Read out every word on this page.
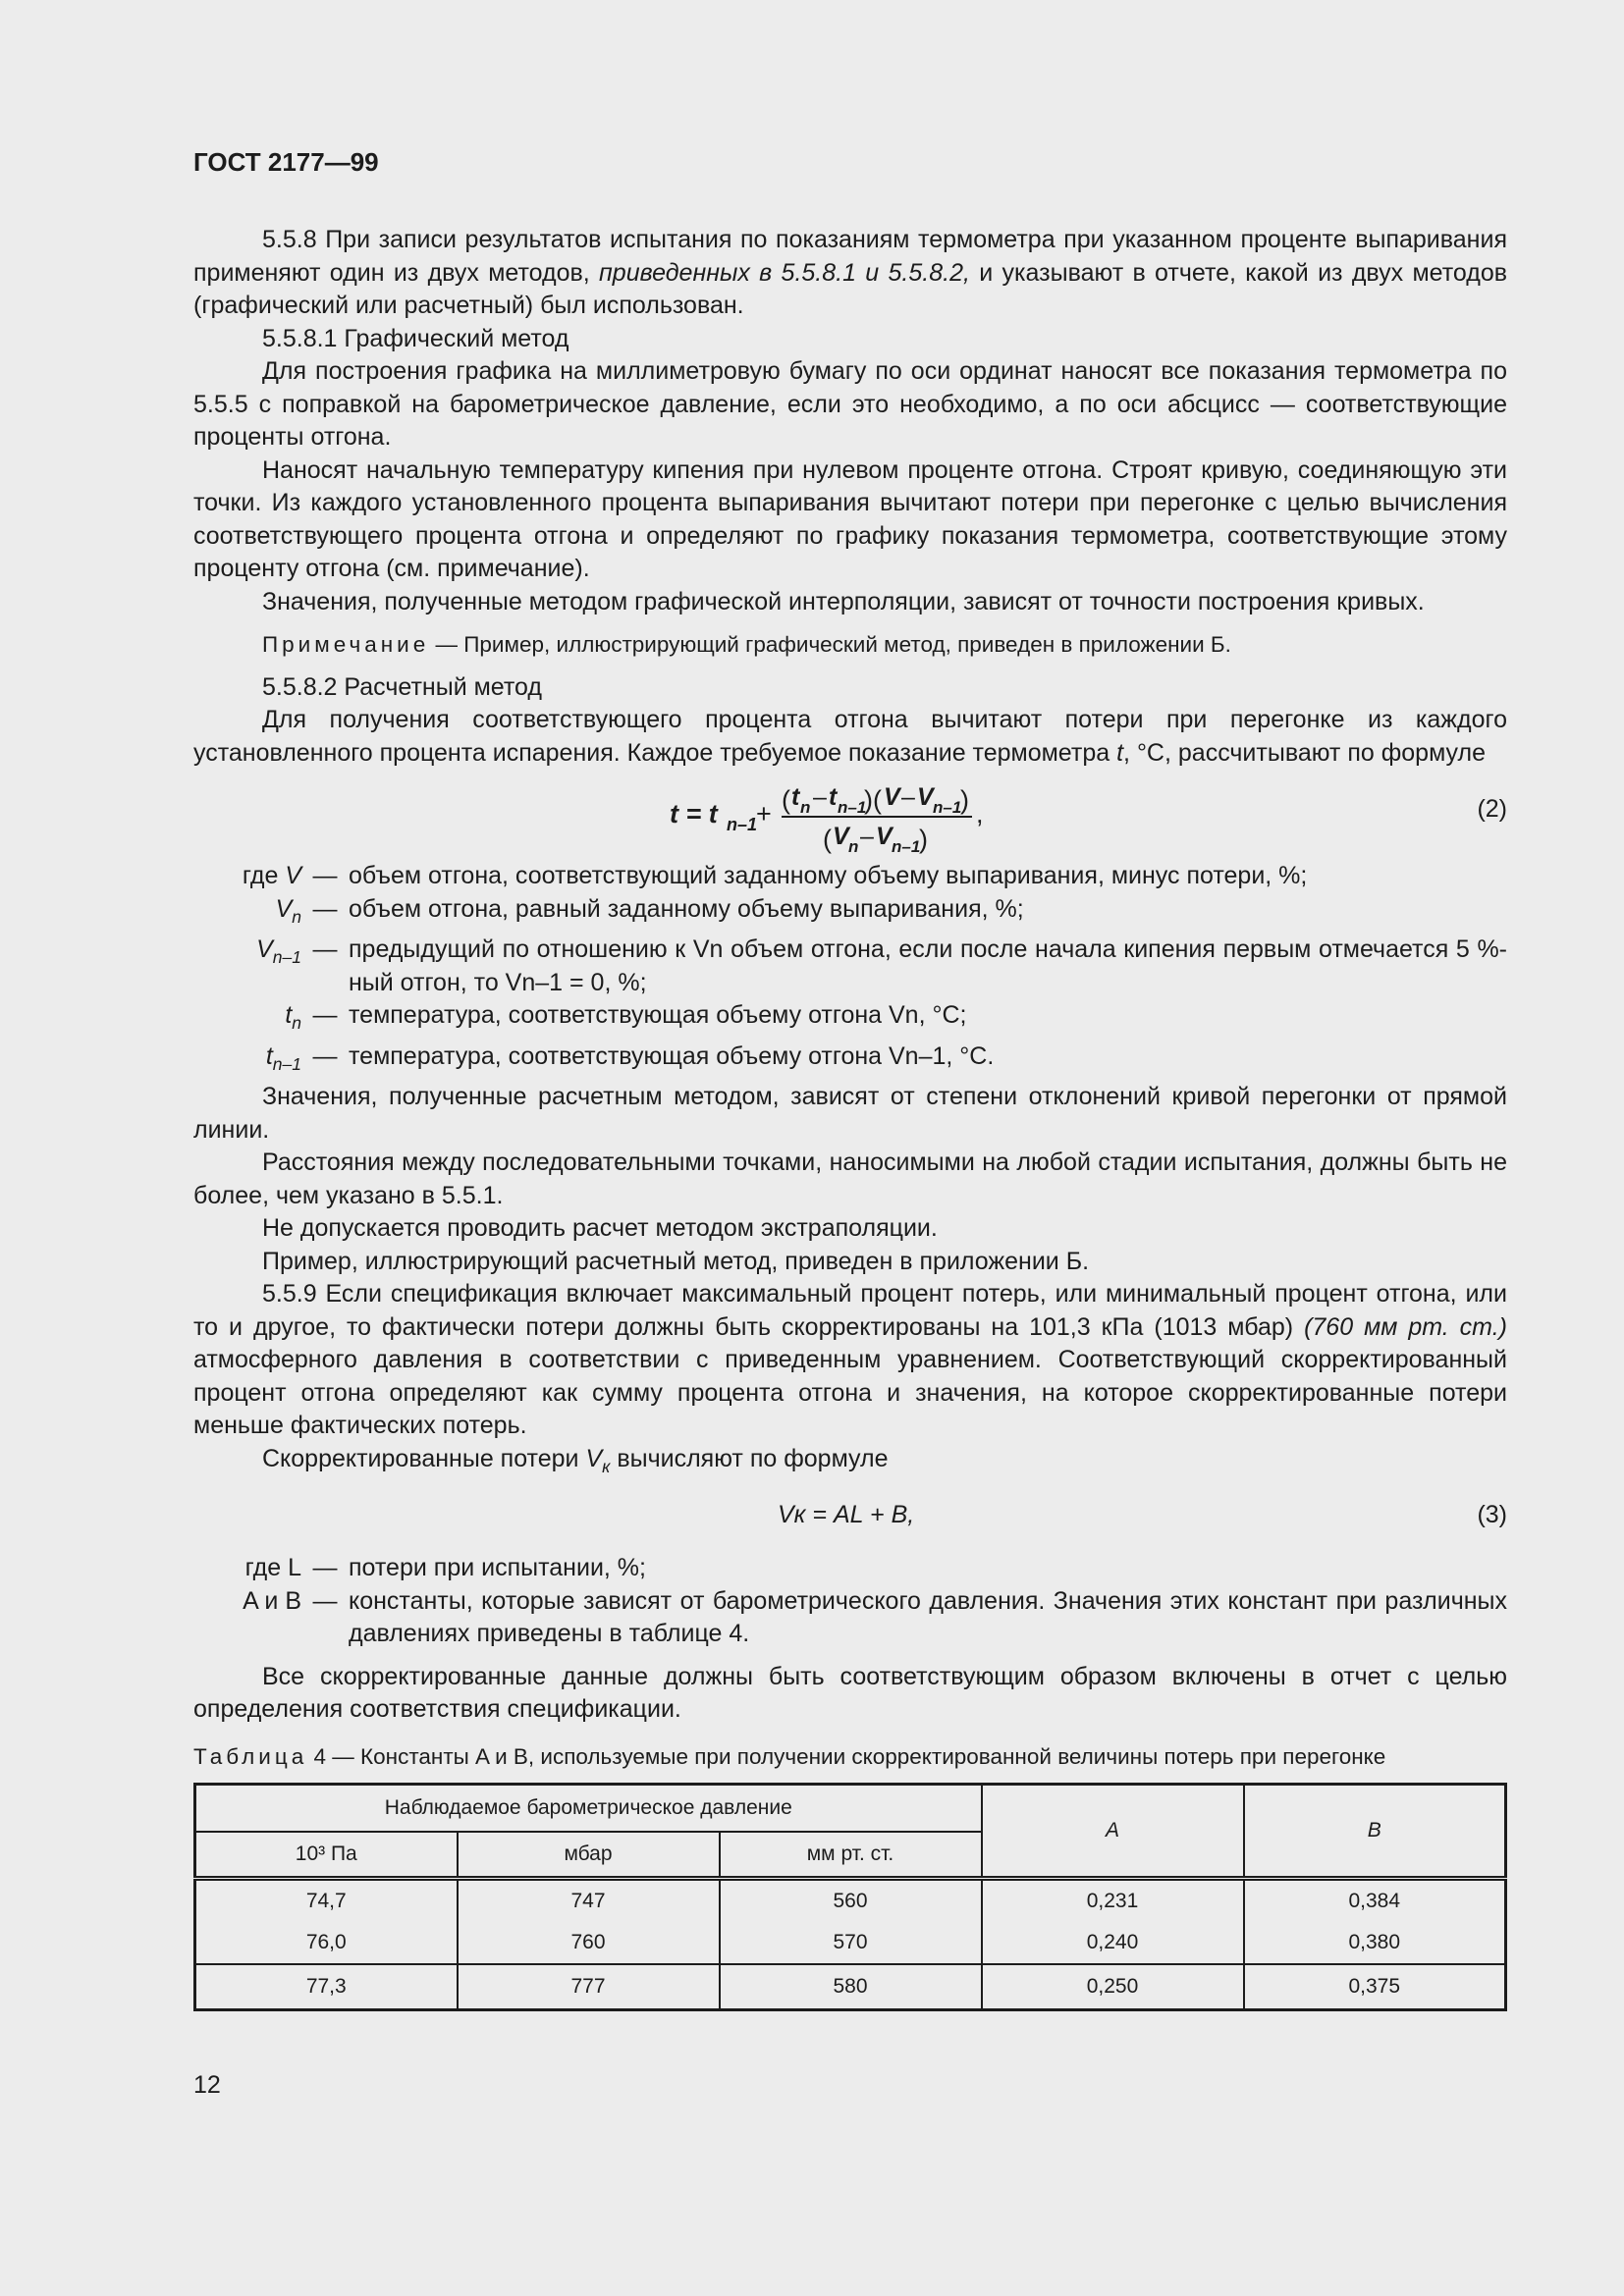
ГОСТ 2177—99

5.5.8 При записи результатов испытания по показаниям термометра при указанном проценте выпаривания применяют один из двух методов, приведенных в 5.5.8.1 и 5.5.8.2, и указывают в отчете, какой из двух методов (графический или расчетный) был использован.

5.5.8.1 Графический метод

Для построения графика на миллиметровую бумагу по оси ординат наносят все показания термометра по 5.5.5 с поправкой на барометрическое давление, если это необходимо, а по оси абсцисс — соответствующие проценты отгона.

Наносят начальную температуру кипения при нулевом проценте отгона. Строят кривую, соединяющую эти точки. Из каждого установленного процента выпаривания вычитают потери при перегонке с целью вычисления соответствующего процента отгона и определяют по графику показания термометра, соответствующие этому проценту отгона (см. примечание).

Значения, полученные методом графической интерполяции, зависят от точности построения кривых.

Примечание — Пример, иллюстрирующий графический метод, приведен в приложении Б.

5.5.8.2 Расчетный метод

Для получения соответствующего процента отгона вычитают потери при перегонке из каждого установленного процента испарения. Каждое требуемое показание термометра t, °С, рассчитывают по формуле

t = t n–1
+ ( t n – t n–1
)( V – V n–1
)
( V n – V n–1
)
,	(2)
где V — объем отгона, соответствующий заданному объему выпаривания, минус потери, %;
$V_n$ — объем отгона, равный заданному объему выпаривания, %;
$V_{n-1}$ — предыдущий по отношению к Vn объем отгона, если после начала кипения первым отмечается 5 %-ный отгон, то Vn–1 = 0, %;
$t_n$ — температура, соответствующая объему отгона Vn, °С;
$t_{n-1}$ — температура, соответствующая объему отгона Vn–1, °С.

Значения, полученные расчетным методом, зависят от степени отклонений кривой перегонки от прямой линии.

Расстояния между последовательными точками, наносимыми на любой стадии испытания, должны быть не более, чем указано в 5.5.1.

Не допускается проводить расчет методом экстраполяции.

Пример, иллюстрирующий расчетный метод, приведен в приложении Б.

5.5.9 Если спецификация включает максимальный процент потерь, или минимальный процент отгона, или то и другое, то фактически потери должны быть скорректированы на 101,3 кПа (1013 мбар) (760 мм рт. ст.) атмосферного давления в соответствии с приведенным уравнением. Соответствующий скорректированный процент отгона определяют как сумму процента отгона и значения, на которое скорректированные потери меньше фактических потерь.

Скорректированные потери $V_к$ вычисляют по формуле

Vк = AL + B,	(3)
где L — потери при испытании, %;
A и B — константы, которые зависят от барометрического давления. Значения этих констант при различных давлениях приведены в таблице 4.

Все скорректированные данные должны быть соответствующим образом включены в отчет с целью определения соответствия спецификации.

Таблица 4 — Константы A и B, используемые при получении скорректированной величины потерь при перегонке
Наблюдаемое барометрическое давление			A	B
10³ Па	мбар	мм рт. ст.		
74,7	747	560	0,231	0,384
76,0	760	570	0,240	0,380
77,3	777	580	0,250	0,375
12
